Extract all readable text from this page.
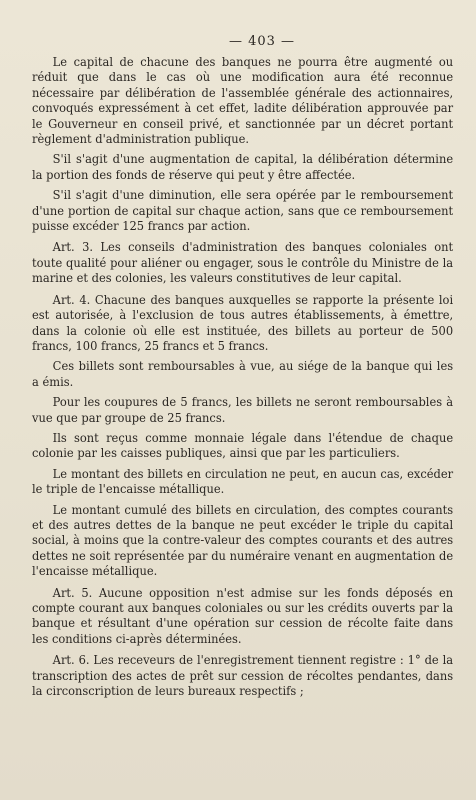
— 403 —

Le capital de chacune des banques ne pourra être augmenté ou réduit que dans le cas où une modification aura été reconnue nécessaire par délibération de l'assemblée générale des actionnaires, convoqués expressément à cet effet, ladite délibération approuvée par le Gouverneur en conseil privé, et sanctionnée par un décret portant règlement d'administration publique.

S'il s'agit d'une augmentation de capital, la délibération détermine la portion des fonds de réserve qui peut y être affectée.

S'il s'agit d'une diminution, elle sera opérée par le remboursement d'une portion de capital sur chaque action, sans que ce remboursement puisse excéder 125 francs par action.

Art. 3. Les conseils d'administration des banques coloniales ont toute qualité pour aliéner ou engager, sous le contrôle du Ministre de la marine et des colonies, les valeurs constitutives de leur capital.

Art. 4. Chacune des banques auxquelles se rapporte la présente loi est autorisée, à l'exclusion de tous autres établissements, à émettre, dans la colonie où elle est instituée, des billets au porteur de 500 francs, 100 francs, 25 francs et 5 francs.

Ces billets sont remboursables à vue, au siége de la banque qui les a émis.

Pour les coupures de 5 francs, les billets ne seront remboursables à vue que par groupe de 25 francs.

Ils sont reçus comme monnaie légale dans l'étendue de chaque colonie par les caisses publiques, ainsi que par les particuliers.

Le montant des billets en circulation ne peut, en aucun cas, excéder le triple de l'encaisse métallique.

Le montant cumulé des billets en circulation, des comptes courants et des autres dettes de la banque ne peut excéder le triple du capital social, à moins que la contre-valeur des comptes courants et des autres dettes ne soit représentée par du numéraire venant en augmentation de l'encaisse métallique.

Art. 5. Aucune opposition n'est admise sur les fonds déposés en compte courant aux banques coloniales ou sur les crédits ouverts par la banque et résultant d'une opération sur cession de récolte faite dans les conditions ci-après déterminées.

Art. 6. Les receveurs de l'enregistrement tiennent registre : 1° de la transcription des actes de prêt sur cession de récoltes pendantes, dans la circonscription de leurs bureaux respectifs ;
